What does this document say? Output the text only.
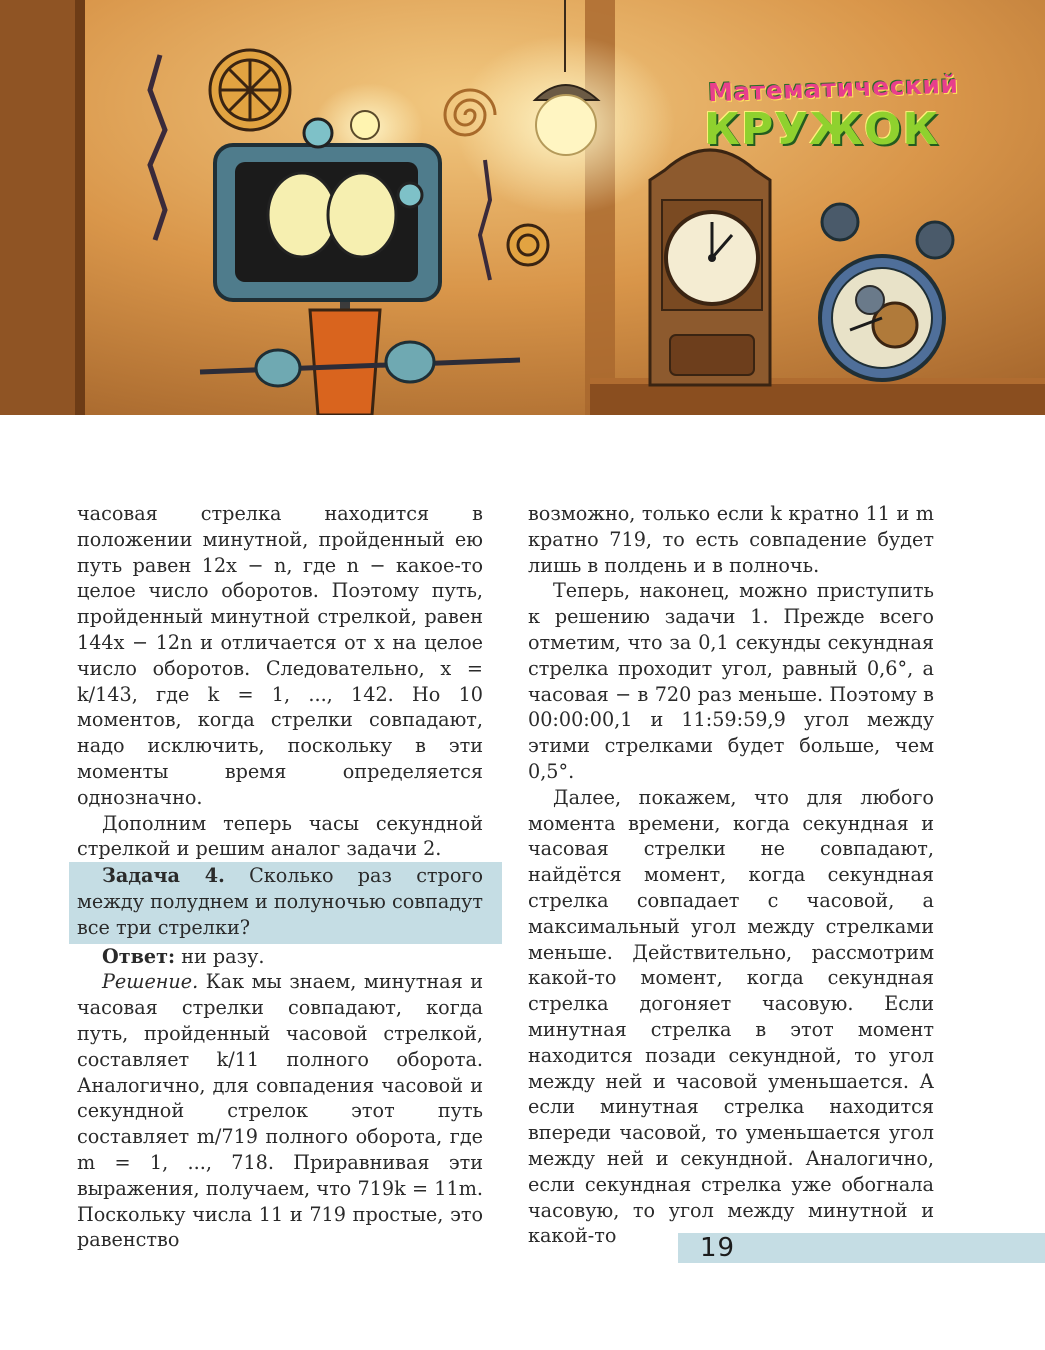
Математический
КРУЖОК

часовая стрелка находится в положении минутной, пройденный ею путь равен 12x − n, где n − какое-то целое число оборотов. Поэтому путь, пройденный минутной стрелкой, равен 144x − 12n и отличается от x на целое число оборотов. Следовательно, x = k/143, где k = 1, ..., 142. Но 10 моментов, когда стрелки совпадают, надо исключить, поскольку в эти моменты время определяется однозначно.

Дополним теперь часы секундной стрелкой и решим аналог задачи 2.

Задача 4. Сколько раз строго между полуднем и полуночью совпадут все три стрелки?

Ответ: ни разу.

Решение. Как мы знаем, минутная и часовая стрелки совпадают, когда путь, пройденный часовой стрелкой, составляет k/11 полного оборота. Аналогично, для совпадения часовой и секундной стрелок этот путь составляет m/719 полного оборота, где m = 1, ..., 718. Приравнивая эти выражения, получаем, что 719k = 11m. Поскольку числа 11 и 719 простые, это равенство

возможно, только если k кратно 11 и m кратно 719, то есть совпадение будет лишь в полдень и в полночь.

Теперь, наконец, можно приступить к решению задачи 1. Прежде всего отметим, что за 0,1 секунды секундная стрелка проходит угол, равный 0,6°, а часовая − в 720 раз меньше. Поэтому в 00:00:00,1 и 11:59:59,9 угол между этими стрелками будет больше, чем 0,5°.

Далее, покажем, что для любого момента времени, когда секундная и часовая стрелки не совпадают, найдётся момент, когда секундная стрелка совпадает с часовой, а максимальный угол между стрелками меньше. Действительно, рассмотрим какой-то момент, когда секундная стрелка догоняет часовую. Если минутная стрелка в этот момент находится позади секундной, то угол между ней и часовой уменьшается. А если минутная стрелка находится впереди часовой, то уменьшается угол между ней и секундной. Аналогично, если секундная стрелка уже обогнала часовую, то угол между минутной и какой-то	19
